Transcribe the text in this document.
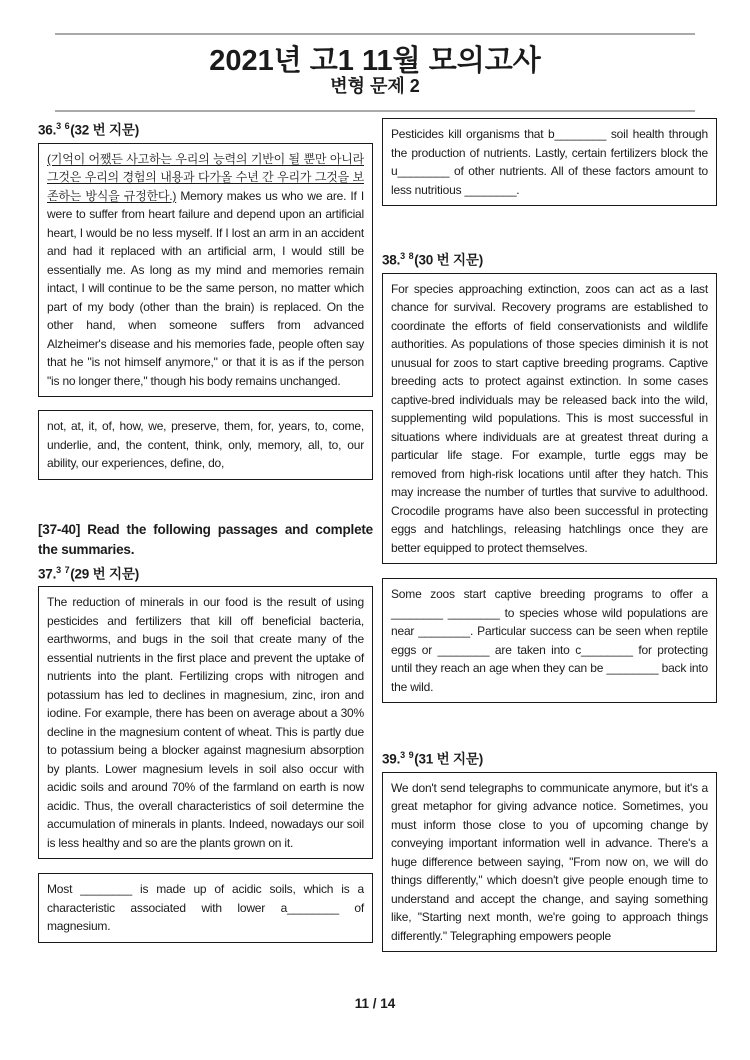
2021년 고1 11월 모의고사
변형 문제 2
36.$^{3 6}$(32 번 지문)
(기억이 어쨌든 사고하는 우리의 능력의 기반이 될 뿐만 아니라 그것은 우리의 경험의 내용과 다가올 수년 간 우리가 그것을 보존하는 방식을 규정한다.) Memory makes us who we are. If I were to suffer from heart failure and depend upon an artificial heart, I would be no less myself. If I lost an arm in an accident and had it replaced with an artificial arm, I would still be essentially me. As long as my mind and memories remain intact, I will continue to be the same person, no matter which part of my body (other than the brain) is replaced. On the other hand, when someone suffers from advanced Alzheimer's disease and his memories fade, people often say that he "is not himself anymore," or that it is as if the person "is no longer there," though his body remains unchanged.
not, at, it, of, how, we, preserve, them, for, years, to, come, underlie, and, the content, think, only, memory, all, to, our ability, our experiences, define, do,
[37-40] Read the following passages and complete the summaries.
37.$^{3 7}$(29 번 지문)
The reduction of minerals in our food is the result of using pesticides and fertilizers that kill off beneficial bacteria, earthworms, and bugs in the soil that create many of the essential nutrients in the first place and prevent the uptake of nutrients into the plant. Fertilizing crops with nitrogen and potassium has led to declines in magnesium, zinc, iron and iodine. For example, there has been on average about a 30% decline in the magnesium content of wheat. This is partly due to potassium being a blocker against magnesium absorption by plants. Lower magnesium levels in soil also occur with acidic soils and around 70% of the farmland on earth is now acidic. Thus, the overall characteristics of soil determine the accumulation of minerals in plants. Indeed, nowadays our soil is less healthy and so are the plants grown on it.
Most ________ is made up of acidic soils, which is a characteristic associated with lower a________ of magnesium.
Pesticides kill organisms that b________ soil health through the production of nutrients. Lastly, certain fertilizers block the u________ of other nutrients. All of these factors amount to less nutritious ________.
38.$^{3 8}$(30 번 지문)
For species approaching extinction, zoos can act as a last chance for survival. Recovery programs are established to coordinate the efforts of field conservationists and wildlife authorities. As populations of those species diminish it is not unusual for zoos to start captive breeding programs. Captive breeding acts to protect against extinction. In some cases captive-bred individuals may be released back into the wild, supplementing wild populations. This is most successful in situations where individuals are at greatest threat during a particular life stage. For example, turtle eggs may be removed from high-risk locations until after they hatch. This may increase the number of turtles that survive to adulthood. Crocodile programs have also been successful in protecting eggs and hatchlings, releasing hatchlings once they are better equipped to protect themselves.
Some zoos start captive breeding programs to offer a ________ ________ to species whose wild populations are near ________. Particular success can be seen when reptile eggs or ________ are taken into c________ for protecting until they reach an age when they can be ________ back into the wild.
39.$^{3 9}$(31 번 지문)
We don't send telegraphs to communicate anymore, but it's a great metaphor for giving advance notice. Sometimes, you must inform those close to you of upcoming change by conveying important information well in advance. There's a huge difference between saying, "From now on, we will do things differently," which doesn't give people enough time to understand and accept the change, and saying something like, "Starting next month, we're going to approach things differently." Telegraphing empowers people
11 / 14
